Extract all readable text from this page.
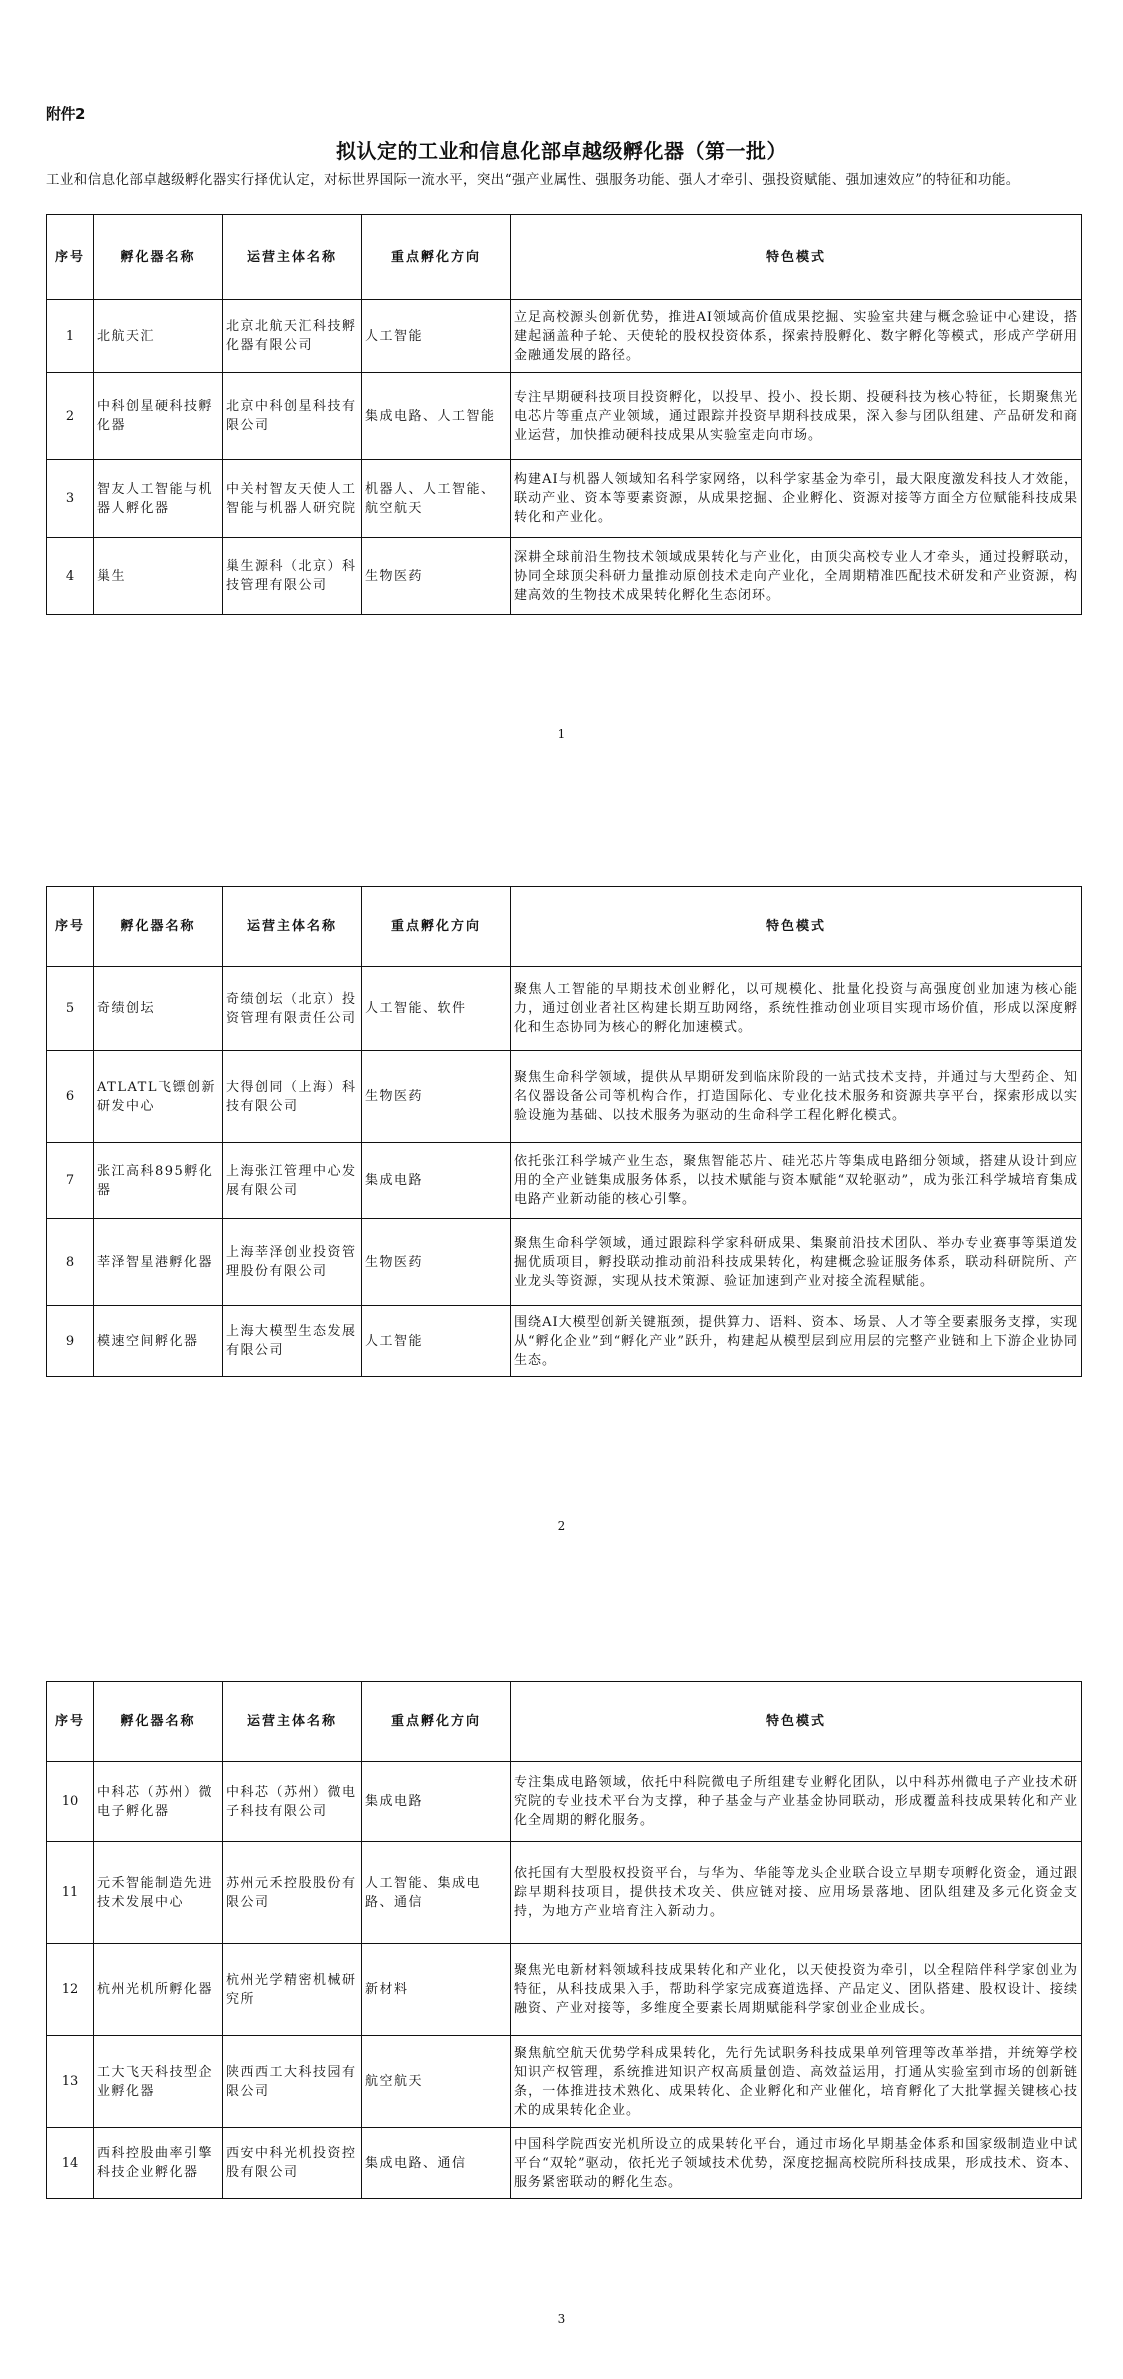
附件2
拟认定的工业和信息化部卓越级孵化器（第一批）
工业和信息化部卓越级孵化器实行择优认定，对标世界国际一流水平，突出“强产业属性、强服务功能、强人才牵引、强投资赋能、强加速效应”的特征和功能。
序号	孵化器名称	运营主体名称	重点孵化方向	特色模式
1	北航天汇	北京北航天汇科技孵化器有限公司	人工智能	立足高校源头创新优势，推进AI领域高价值成果挖掘、实验室共建与概念验证中心建设，搭建起涵盖种子轮、天使轮的股权投资体系，探索持股孵化、数字孵化等模式，形成产学研用金融通发展的路径。
2	中科创星硬科技孵化器	北京中科创星科技有限公司	集成电路、人工智能	专注早期硬科技项目投资孵化，以投早、投小、投长期、投硬科技为核心特征，长期聚焦光电芯片等重点产业领域，通过跟踪并投资早期科技成果，深入参与团队组建、产品研发和商业运营，加快推动硬科技成果从实验室走向市场。
3	智友人工智能与机器人孵化器	中关村智友天使人工智能与机器人研究院	机器人、人工智能、航空航天	构建AI与机器人领域知名科学家网络，以科学家基金为牵引，最大限度激发科技人才效能，联动产业、资本等要素资源，从成果挖掘、企业孵化、资源对接等方面全方位赋能科技成果转化和产业化。
4	巢生	巢生源科（北京）科技管理有限公司	生物医药	深耕全球前沿生物技术领域成果转化与产业化，由顶尖高校专业人才牵头，通过投孵联动，协同全球顶尖科研力量推动原创技术走向产业化，全周期精准匹配技术研发和产业资源，构建高效的生物技术成果转化孵化生态闭环。
1
序号	孵化器名称	运营主体名称	重点孵化方向	特色模式
5	奇绩创坛	奇绩创坛（北京）投资管理有限责任公司	人工智能、软件	聚焦人工智能的早期技术创业孵化，以可规模化、批量化投资与高强度创业加速为核心能力，通过创业者社区构建长期互助网络，系统性推动创业项目实现市场价值，形成以深度孵化和生态协同为核心的孵化加速模式。
6	ATLATL飞镖创新研发中心	大得创同（上海）科技有限公司	生物医药	聚焦生命科学领域，提供从早期研发到临床阶段的一站式技术支持，并通过与大型药企、知名仪器设备公司等机构合作，打造国际化、专业化技术服务和资源共享平台，探索形成以实验设施为基础、以技术服务为驱动的生命科学工程化孵化模式。
7	张江高科895孵化器	上海张江管理中心发展有限公司	集成电路	依托张江科学城产业生态，聚焦智能芯片、硅光芯片等集成电路细分领域，搭建从设计到应用的全产业链集成服务体系，以技术赋能与资本赋能“双轮驱动”，成为张江科学城培育集成电路产业新动能的核心引擎。
8	莘泽智星港孵化器	上海莘泽创业投资管理股份有限公司	生物医药	聚焦生命科学领域，通过跟踪科学家科研成果、集聚前沿技术团队、举办专业赛事等渠道发掘优质项目，孵投联动推动前沿科技成果转化，构建概念验证服务体系，联动科研院所、产业龙头等资源，实现从技术策源、验证加速到产业对接全流程赋能。
9	模速空间孵化器	上海大模型生态发展有限公司	人工智能	围绕AI大模型创新关键瓶颈，提供算力、语料、资本、场景、人才等全要素服务支撑，实现从“孵化企业”到“孵化产业”跃升，构建起从模型层到应用层的完整产业链和上下游企业协同生态。
2
序号	孵化器名称	运营主体名称	重点孵化方向	特色模式
10	中科芯（苏州）微电子孵化器	中科芯（苏州）微电子科技有限公司	集成电路	专注集成电路领域，依托中科院微电子所组建专业孵化团队，以中科苏州微电子产业技术研究院的专业技术平台为支撑，种子基金与产业基金协同联动，形成覆盖科技成果转化和产业化全周期的孵化服务。
11	元禾智能制造先进技术发展中心	苏州元禾控股股份有限公司	人工智能、集成电路、通信	依托国有大型股权投资平台，与华为、华能等龙头企业联合设立早期专项孵化资金，通过跟踪早期科技项目，提供技术攻关、供应链对接、应用场景落地、团队组建及多元化资金支持，为地方产业培育注入新动力。
12	杭州光机所孵化器	杭州光学精密机械研究所	新材料	聚焦光电新材料领域科技成果转化和产业化，以天使投资为牵引，以全程陪伴科学家创业为特征，从科技成果入手，帮助科学家完成赛道选择、产品定义、团队搭建、股权设计、接续融资、产业对接等，多维度全要素长周期赋能科学家创业企业成长。
13	工大飞天科技型企业孵化器	陕西西工大科技园有限公司	航空航天	聚焦航空航天优势学科成果转化，先行先试职务科技成果单列管理等改革举措，并统筹学校知识产权管理，系统推进知识产权高质量创造、高效益运用，打通从实验室到市场的创新链条，一体推进技术熟化、成果转化、企业孵化和产业催化，培育孵化了大批掌握关键核心技术的成果转化企业。
14	西科控股曲率引擎科技企业孵化器	西安中科光机投资控股有限公司	集成电路、通信	中国科学院西安光机所设立的成果转化平台，通过市场化早期基金体系和国家级制造业中试平台“双轮”驱动，依托光子领域技术优势，深度挖掘高校院所科技成果，形成技术、资本、服务紧密联动的孵化生态。
3
